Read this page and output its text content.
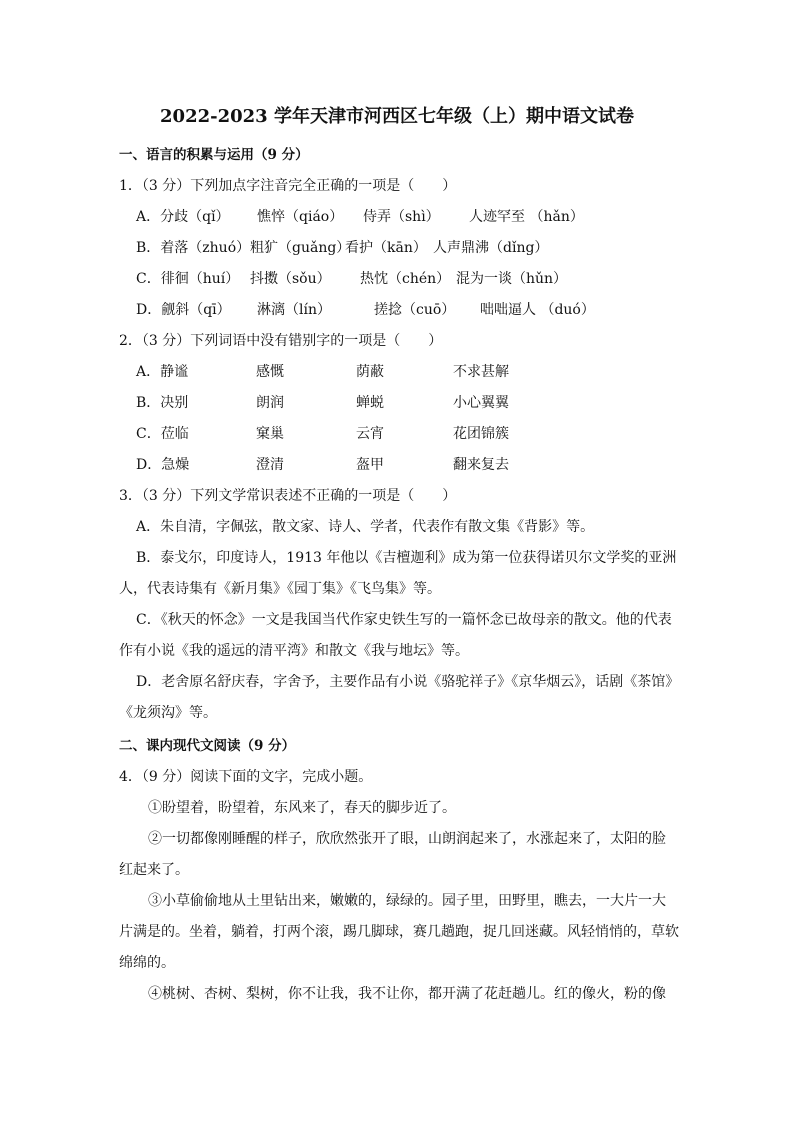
2022-2023 学年天津市河西区七年级（上）期中语文试卷
一、语言的积累与运用（9 分）
1．（3 分）下列加点字注音完全正确的一项是（　　）
A．分歧（qǐ） 憔悴（qiáo） 侍弄（shì） 人迹罕至 （hǎn）
B．着落（zhuó）粗犷（guǎng）看护（kān） 人声鼎沸（dǐng）
C．徘徊（huí） 抖擞（sǒu） 热忱（chén） 混为一谈（hǔn）
D．觎斜（qī） 淋漓（lín）	搓捻（cuō） 咄咄逼人 （duó）
2．（3 分）下列词语中没有错别字的一项是（　　）
A．静谧	感慨	荫蔽	不求甚解
B．决别	朗润	蝉蜕	小心翼翼
C．莅临	窠巢	云宵	花团锦簇
D．急燥	澄清	盔甲	翻来复去
3．（3 分）下列文学常识表述不正确的一项是（　　）
A．朱自清，字佩弦，散文家、诗人、学者，代表作有散文集《背影》等。
B．泰戈尔，印度诗人，1913 年他以《吉檀迦利》成为第一位获得诺贝尔文学奖的亚洲
人，代表诗集有《新月集》《园丁集》《飞鸟集》等。
C．《秋天的怀念》一文是我国当代作家史铁生写的一篇怀念已故母亲的散文。他的代表
作有小说《我的遥远的清平湾》和散文《我与地坛》等。
D．老舍原名舒庆春，字舍予，主要作品有小说《骆驼祥子》《京华烟云》，话剧《茶馆》
《龙须沟》等。
二、课内现代文阅读（9 分）
4．（9 分）阅读下面的文字，完成小题。
①盼望着，盼望着，东风来了，春天的脚步近了。
②一切都像刚睡醒的样子，欣欣然张开了眼，山朗润起来了，水涨起来了，太阳的脸
红起来了。
③小草偷偷地从土里钻出来，嫩嫩的，绿绿的。园子里，田野里，瞧去，一大片一大
片满是的。坐着，躺着，打两个滚，踢几脚球，赛几趟跑，捉几回迷藏。风轻悄悄的，草软
绵绵的。
④桃树、杏树、梨树，你不让我，我不让你，都开满了花赶趟儿。红的像火，粉的像
